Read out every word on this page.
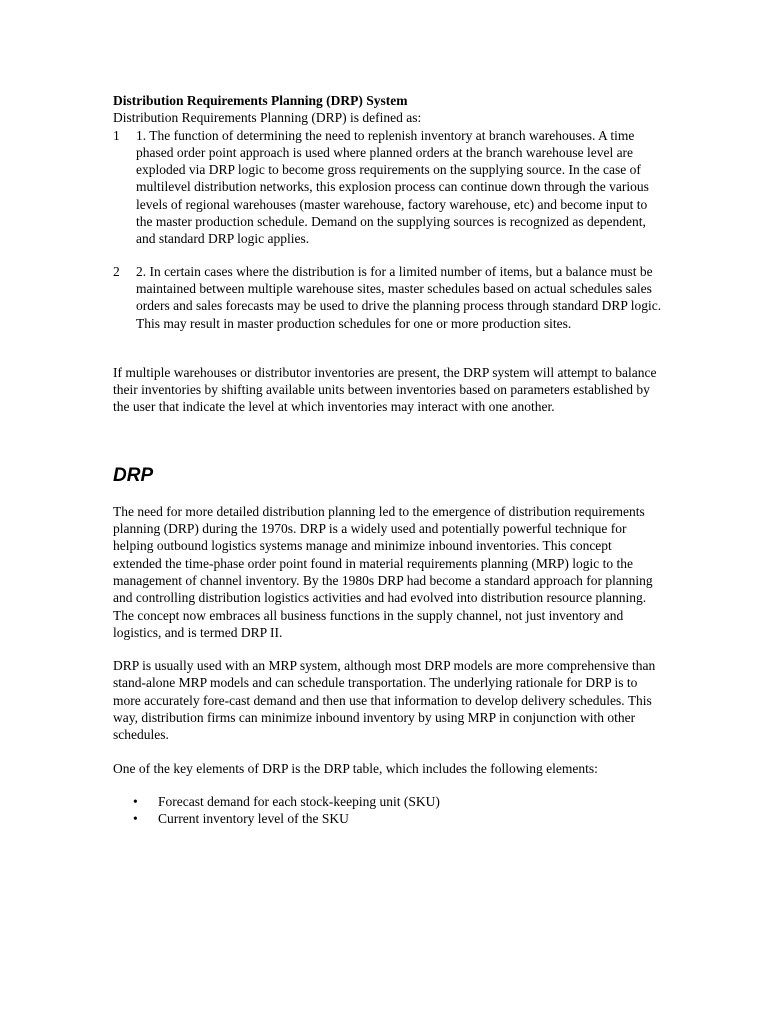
Distribution Requirements Planning (DRP) System

Distribution Requirements Planning (DRP) is defined as:

1 1. The function of determining the need to replenish inventory at branch warehouses. A time phased order point approach is used where planned orders at the branch warehouse level are exploded via DRP logic to become gross requirements on the supplying source. In the case of multilevel distribution networks, this explosion process can continue down through the various levels of regional warehouses (master warehouse, factory warehouse, etc) and become input to the master production schedule. Demand on the supplying sources is recognized as dependent, and standard DRP logic applies.
2 2. In certain cases where the distribution is for a limited number of items, but a balance must be maintained between multiple warehouse sites, master schedules based on actual schedules sales orders and sales forecasts may be used to drive the planning process through standard DRP logic. This may result in master production schedules for one or more production sites.

If multiple warehouses or distributor inventories are present, the DRP system will attempt to balance their inventories by shifting available units between inventories based on parameters established by the user that indicate the level at which inventories may interact with one another.

DRP

The need for more detailed distribution planning led to the emergence of distribution requirements planning (DRP) during the 1970s. DRP is a widely used and potentially powerful technique for helping outbound logistics systems manage and minimize inbound inventories. This concept extended the time-phase order point found in material requirements planning (MRP) logic to the management of channel inventory. By the 1980s DRP had become a standard approach for planning and controlling distribution logistics activities and had evolved into distribution resource planning. The concept now embraces all business functions in the supply channel, not just inventory and logistics, and is termed DRP II.

DRP is usually used with an MRP system, although most DRP models are more comprehensive than stand-alone MRP models and can schedule transportation. The underlying rationale for DRP is to more accurately fore-cast demand and then use that information to develop delivery schedules. This way, distribution firms can minimize inbound inventory by using MRP in conjunction with other schedules.

One of the key elements of DRP is the DRP table, which includes the following elements:

• Forecast demand for each stock-keeping unit (SKU)
• Current inventory level of the SKU
